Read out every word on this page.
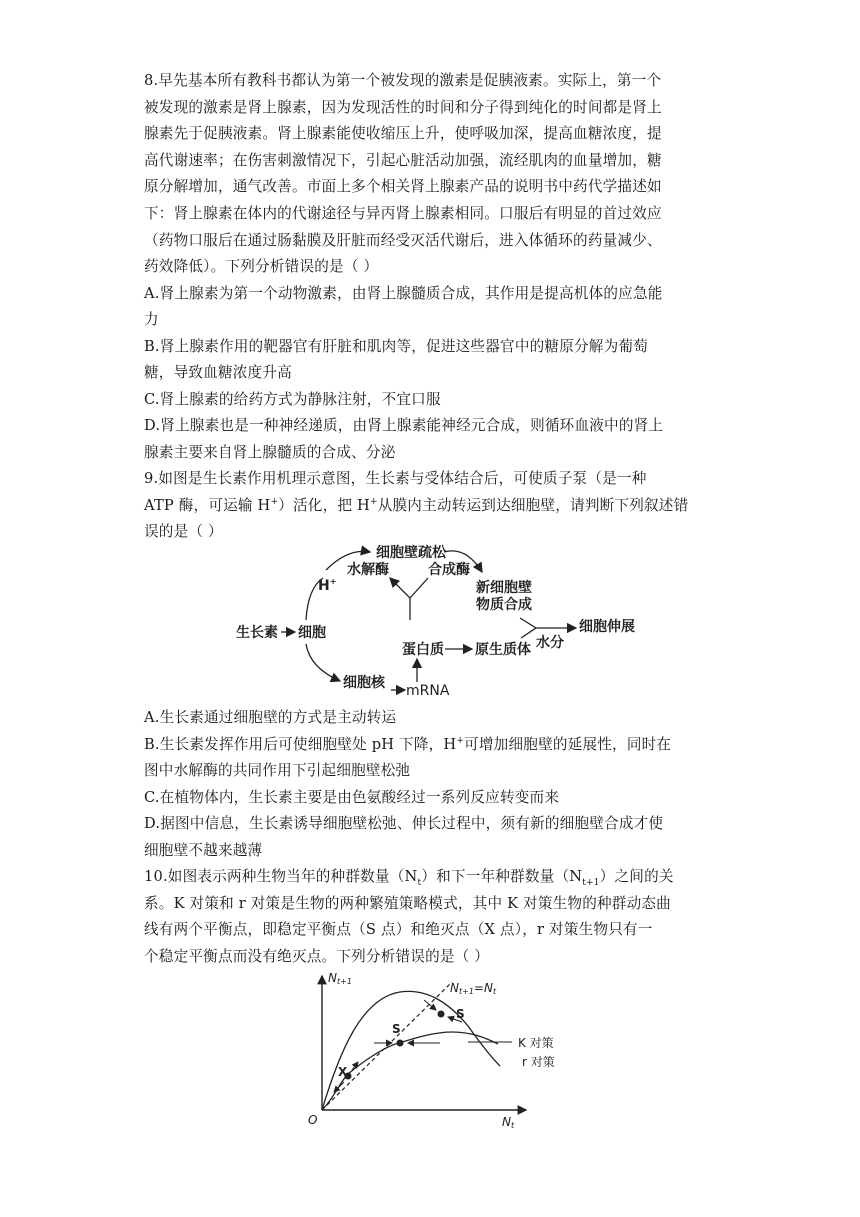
8.早先基本所有教科书都认为第一个被发现的激素是促胰液素。实际上，第一个
被发现的激素是肾上腺素，因为发现活性的时间和分子得到纯化的时间都是肾上
腺素先于促胰液素。肾上腺素能使收缩压上升，使呼吸加深，提高血糖浓度，提
高代谢速率；在伤害刺激情况下，引起心脏活动加强，流经肌肉的血量增加，糖
原分解增加，通气改善。市面上多个相关肾上腺素产品的说明书中药代学描述如
下：肾上腺素在体内的代谢途径与异丙肾上腺素相同。口服后有明显的首过效应
（药物口服后在通过肠黏膜及肝脏而经受灭活代谢后，进入体循环的药量减少、
药效降低）。下列分析错误的是（ ）
A.肾上腺素为第一个动物激素，由肾上腺髓质合成，其作用是提高机体的应急能
力
B.肾上腺素作用的靶器官有肝脏和肌肉等，促进这些器官中的糖原分解为葡萄
糖，导致血糖浓度升高
C.肾上腺素的给药方式为静脉注射，不宜口服
D.肾上腺素也是一种神经递质，由肾上腺素能神经元合成，则循环血液中的肾上
腺素主要来自肾上腺髓质的合成、分泌
9.如图是生长素作用机理示意图，生长素与受体结合后，可使质子泵（是一种
ATP 酶，可运输 H+）活化，把 H+从膜内主动转运到达细胞壁，请判断下列叙述错
误的是（ ）
生长素 细胞
H+
细胞壁疏松
水解酶	合成酶
新细胞壁
物质合成
细胞伸展
水分
蛋白质 原生质体
细胞核 mRNA
A.生长素通过细胞壁的方式是主动转运
B.生长素发挥作用后可使细胞壁处 pH 下降，H+可增加细胞壁的延展性，同时在
图中水解酶的共同作用下引起细胞壁松弛
C.在植物体内，生长素主要是由色氨酸经过一系列反应转变而来
D.据图中信息，生长素诱导细胞壁松弛、伸长过程中，须有新的细胞壁合成才使
细胞壁不越来越薄
10.如图表示两种生物当年的种群数量$(N_t)$和下一年种群数量$(N_{t+1})$之间的关
系。K 对策和 r 对策是生物的两种繁殖策略模式，其中 K 对策生物的种群动态曲
线有两个平衡点，即稳定平衡点（S 点）和绝灭点（X 点），r 对策生物只有一
个稳定平衡点而没有绝灭点。下列分析错误的是（ ）
Nt+1
Nt
O
Nt+1=Nt
S
S
X
K 对策
r 对策
